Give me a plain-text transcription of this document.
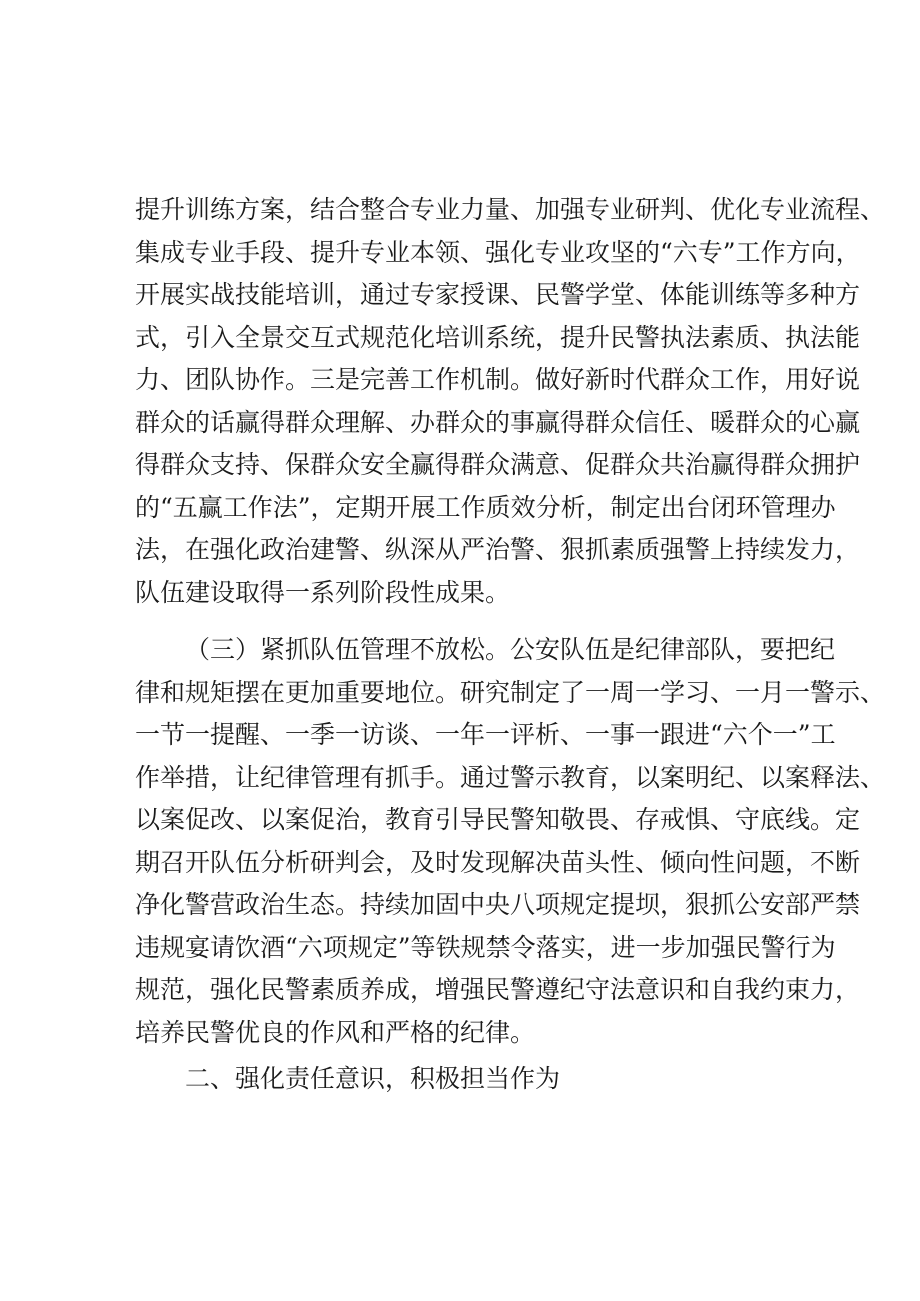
提升训练方案，结合整合专业力量、加强专业研判、优化专业流程、
集成专业手段、提升专业本领、强化专业攻坚的“六专”工作方向，
开展实战技能培训，通过专家授课、民警学堂、体能训练等多种方
式，引入全景交互式规范化培训系统，提升民警执法素质、执法能
力、团队协作。三是完善工作机制。做好新时代群众工作，用好说
群众的话赢得群众理解、办群众的事赢得群众信任、暖群众的心赢
得群众支持、保群众安全赢得群众满意、促群众共治赢得群众拥护
的“五赢工作法”，定期开展工作质效分析，制定出台闭环管理办
法，在强化政治建警、纵深从严治警、狠抓素质强警上持续发力，
队伍建设取得一系列阶段性成果。
（三）紧抓队伍管理不放松。公安队伍是纪律部队，要把纪
律和规矩摆在更加重要地位。研究制定了一周一学习、一月一警示、
一节一提醒、一季一访谈、一年一评析、一事一跟进“六个一”工
作举措，让纪律管理有抓手。通过警示教育，以案明纪、以案释法、
以案促改、以案促治，教育引导民警知敬畏、存戒惧、守底线。定
期召开队伍分析研判会，及时发现解决苗头性、倾向性问题，不断
净化警营政治生态。持续加固中央八项规定提坝，狠抓公安部严禁
违规宴请饮酒“六项规定”等铁规禁令落实，进一步加强民警行为
规范，强化民警素质养成，增强民警遵纪守法意识和自我约束力，
培养民警优良的作风和严格的纪律。
二、强化责任意识，积极担当作为
